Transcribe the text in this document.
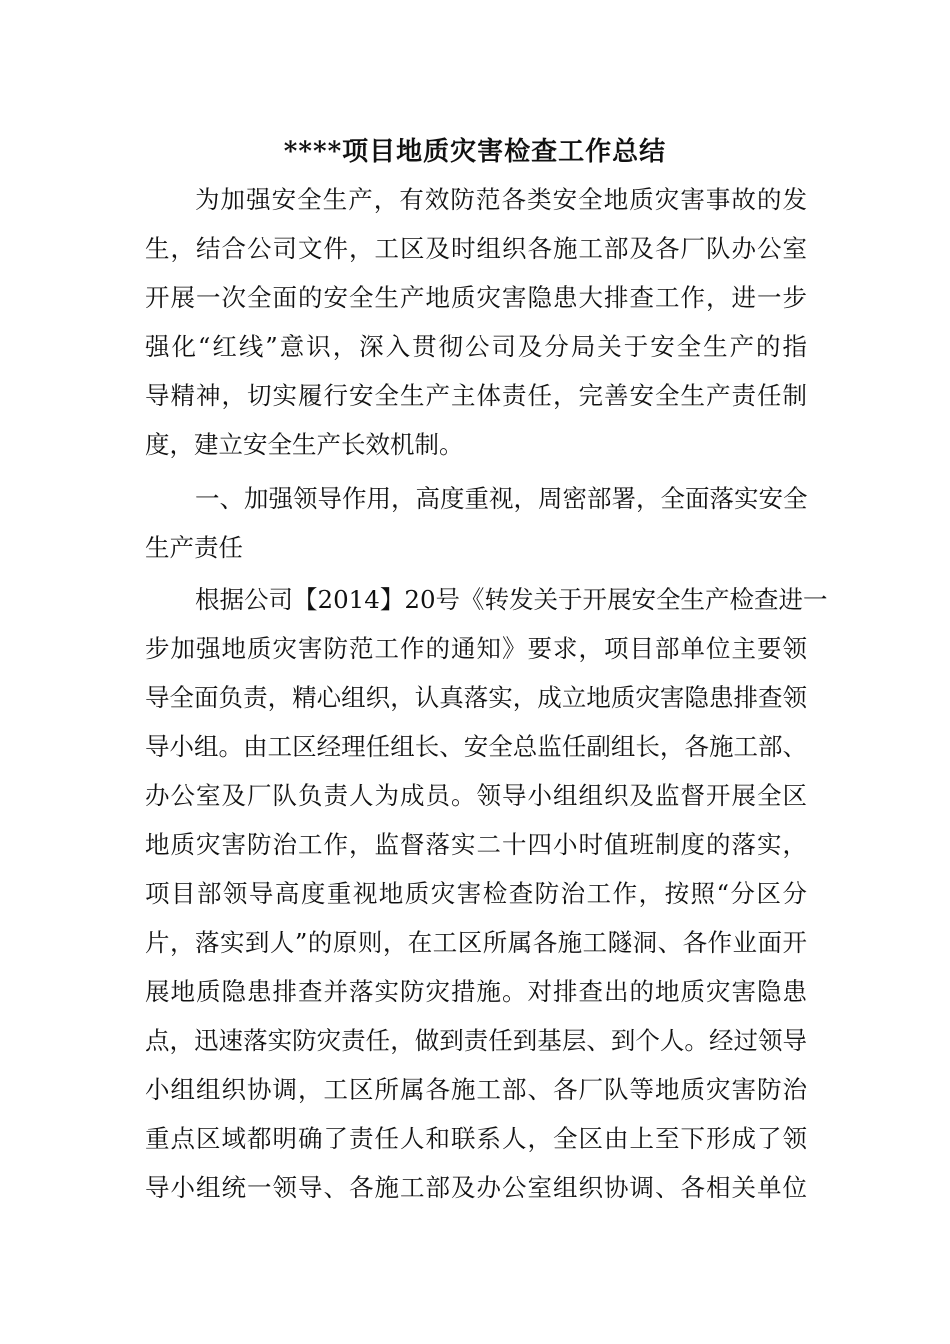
****项目地质灾害检查工作总结
为加强安全生产，有效防范各类安全地质灾害事故的发
生，结合公司文件，工区及时组织各施工部及各厂队办公室
开展一次全面的安全生产地质灾害隐患大排查工作，进一步
强化“红线”意识，深入贯彻公司及分局关于安全生产的指
导精神，切实履行安全生产主体责任，完善安全生产责任制
度，建立安全生产长效机制。
一、加强领导作用，高度重视，周密部署，全面落实安全
生产责任
根据公司【2014】20号《转发关于开展安全生产检查进一
步加强地质灾害防范工作的通知》要求，项目部单位主要领
导全面负责，精心组织，认真落实，成立地质灾害隐患排查领
导小组。由工区经理任组长、安全总监任副组长，各施工部、
办公室及厂队负责人为成员。领导小组组织及监督开展全区
地质灾害防治工作，监督落实二十四小时值班制度的落实，
项目部领导高度重视地质灾害检查防治工作，按照“分区分
片，落实到人”的原则，在工区所属各施工隧洞、各作业面开
展地质隐患排查并落实防灾措施。对排查出的地质灾害隐患
点，迅速落实防灾责任，做到责任到基层、到个人。经过领导
小组组织协调，工区所属各施工部、各厂队等地质灾害防治
重点区域都明确了责任人和联系人，全区由上至下形成了领
导小组统一领导、各施工部及办公室组织协调、各相关单位
